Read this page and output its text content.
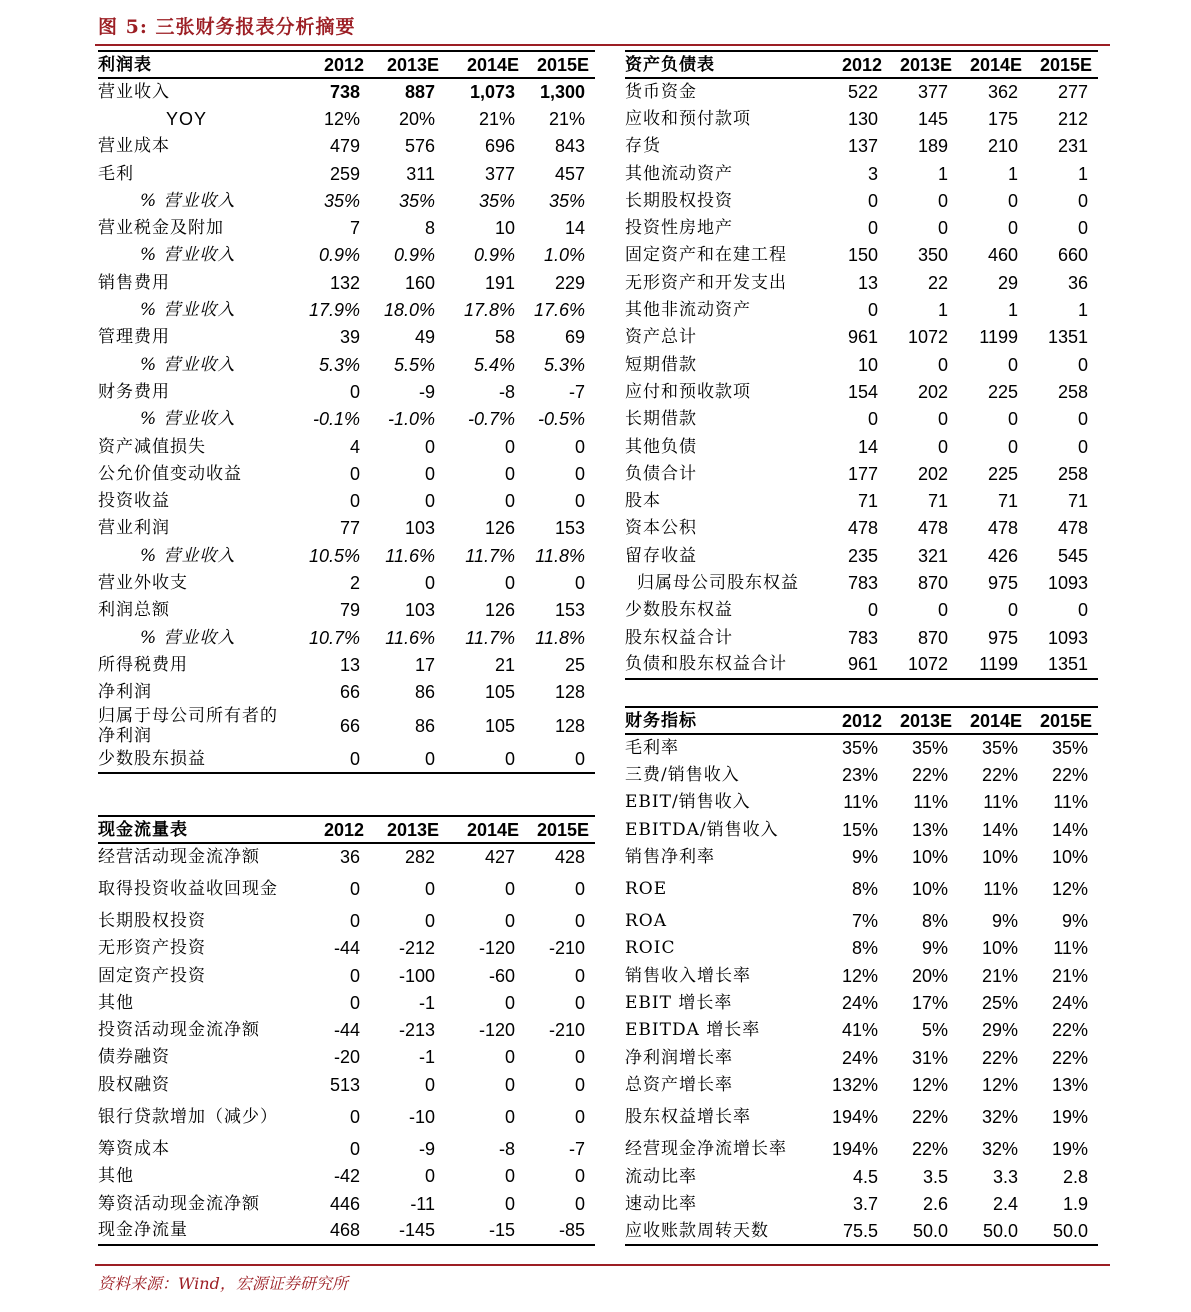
图 5: 三张财务报表分析摘要
利润表	2012	2013E	2014E	2015E
营业收入	738	887	1,073	1,300
YOY	12%	20%	21%	21%
营业成本	479	576	696	843
毛利	259	311	377	457
% 营业收入	35%	35%	35%	35%
营业税金及附加	7	8	10	14
% 营业收入	0.9%	0.9%	0.9%	1.0%
销售费用	132	160	191	229
% 营业收入	17.9%	18.0%	17.8%	17.6%
管理费用	39	49	58	69
% 营业收入	5.3%	5.5%	5.4%	5.3%
财务费用	0	-9	-8	-7
% 营业收入	-0.1%	-1.0%	-0.7%	-0.5%
资产减值损失	4	0	0	0
公允价值变动收益	0	0	0	0
投资收益	0	0	0	0
营业利润	77	103	126	153
% 营业收入	10.5%	11.6%	11.7%	11.8%
营业外收支	2	0	0	0
利润总额	79	103	126	153
% 营业收入	10.7%	11.6%	11.7%	11.8%
所得税费用	13	17	21	25
净利润	66	86	105	128
归属于母公司所有者的净利润	66	86	105	128
少数股东损益	0	0	0	0
现金流量表	2012	2013E	2014E	2015E
经营活动现金流净额	36	282	427	428
取得投资收益收回现金	0	0	0	0
长期股权投资	0	0	0	0
无形资产投资	-44	-212	-120	-210
固定资产投资	0	-100	-60	0
其他	0	-1	0	0
投资活动现金流净额	-44	-213	-120	-210
债券融资	-20	-1	0	0
股权融资	513	0	0	0
银行贷款增加（减少）	0	-10	0	0
筹资成本	0	-9	-8	-7
其他	-42	0	0	0
筹资活动现金流净额	446	-11	0	0
现金净流量	468	-145	-15	-85
资产负债表	2012	2013E	2014E	2015E
货币资金	522	377	362	277
应收和预付款项	130	145	175	212
存货	137	189	210	231
其他流动资产	3	1	1	1
长期股权投资	0	0	0	0
投资性房地产	0	0	0	0
固定资产和在建工程	150	350	460	660
无形资产和开发支出	13	22	29	36
其他非流动资产	0	1	1	1
资产总计	961	1072	1199	1351
短期借款	10	0	0	0
应付和预收款项	154	202	225	258
长期借款	0	0	0	0
其他负债	14	0	0	0
负债合计	177	202	225	258
股本	71	71	71	71
资本公积	478	478	478	478
留存收益	235	321	426	545
归属母公司股东权益	783	870	975	1093
少数股东权益	0	0	0	0
股东权益合计	783	870	975	1093
负债和股东权益合计	961	1072	1199	1351
财务指标	2012	2013E	2014E	2015E
毛利率	35%	35%	35%	35%
三费/销售收入	23%	22%	22%	22%
EBIT/销售收入	11%	11%	11%	11%
EBITDA/销售收入	15%	13%	14%	14%
销售净利率	9%	10%	10%	10%
ROE	8%	10%	11%	12%
ROA	7%	8%	9%	9%
ROIC	8%	9%	10%	11%
销售收入增长率	12%	20%	21%	21%
EBIT 增长率	24%	17%	25%	24%
EBITDA 增长率	41%	5%	29%	22%
净利润增长率	24%	31%	22%	22%
总资产增长率	132%	12%	12%	13%
股东权益增长率	194%	22%	32%	19%
经营现金净流增长率	194%	22%	32%	19%
流动比率	4.5	3.5	3.3	2.8
速动比率	3.7	2.6	2.4	1.9
应收账款周转天数	75.5	50.0	50.0	50.0
资料来源：Wind，宏源证券研究所
